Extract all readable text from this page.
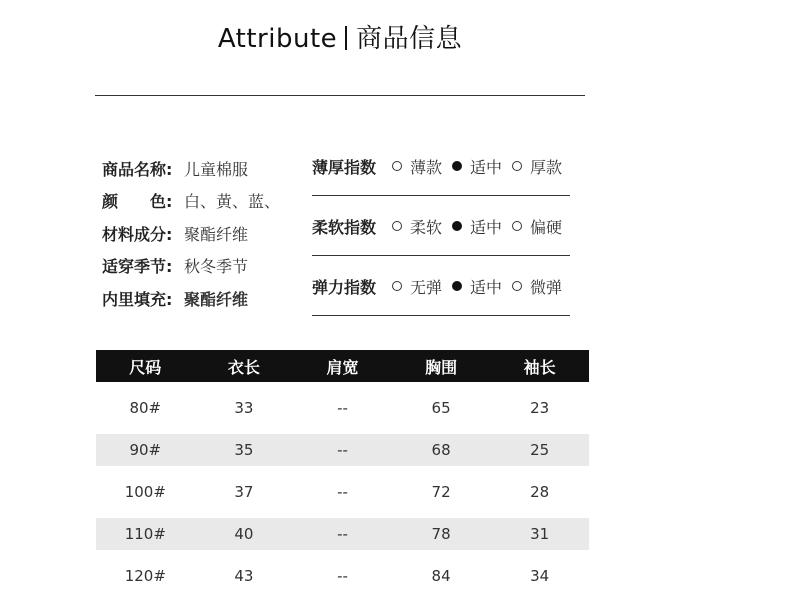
Attribute 商品信息
商品名称: 儿童棉服
颜　　色: 白、黄、蓝、
材料成分: 聚酯纤维
适穿季节: 秋冬季节
内里填充: 聚酯纤维
薄厚指数 薄款 适中 厚款
柔软指数 柔软 适中 偏硬
弹力指数 无弹 适中 微弹
尺码	衣长	肩宽	胸围	袖长

80#	33	--	65	23

90#	35	--	68	25

100#	37	--	72	28

110#	40	--	78	31

120#	43	--	84	34
